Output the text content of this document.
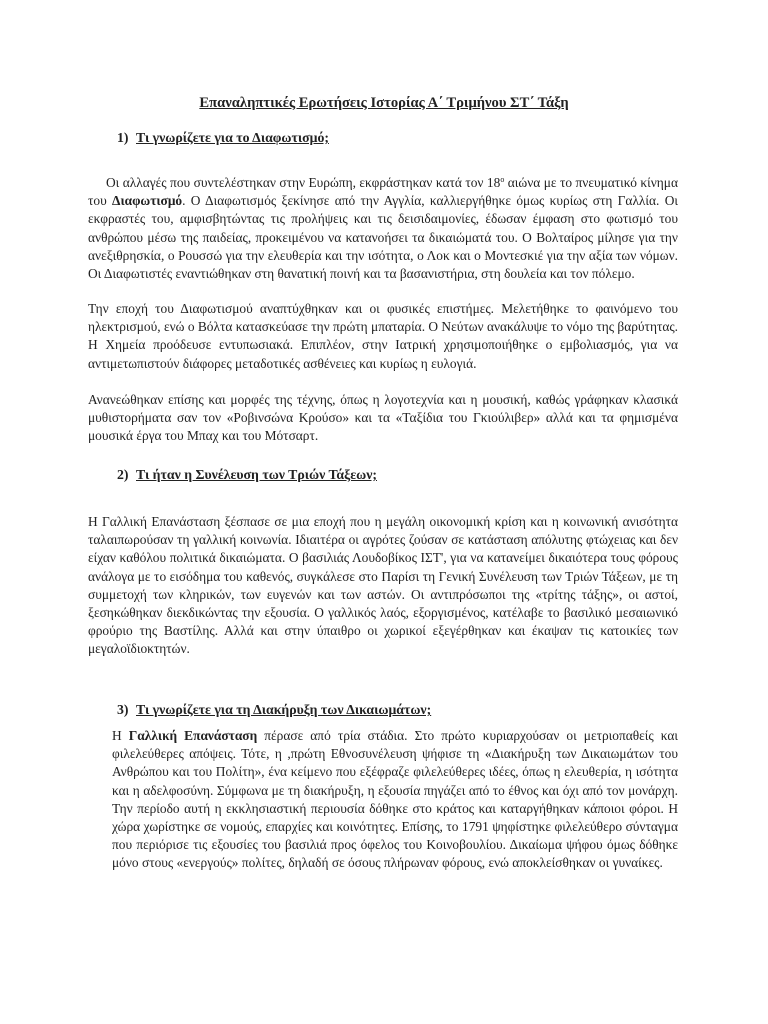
Επαναληπτικές Ερωτήσεις Ιστορίας Α΄ Τριμήνου ΣΤ΄ Τάξη

1) Τι γνωρίζετε για το Διαφωτισμό;

Οι αλλαγές που συντελέστηκαν στην Ευρώπη, εκφράστηκαν κατά τον $18^o$ αιώνα με το πνευματικό κίνημα του Διαφωτισμό. Ο Διαφωτισμός ξεκίνησε από την Αγγλία, καλλιεργήθηκε όμως κυρίως στη Γαλλία. Οι εκφραστές του, αμφισβητώντας τις προλήψεις και τις δεισιδαιμονίες, έδωσαν έμφαση στο φωτισμό του ανθρώπου μέσω της παιδείας, προκειμένου να κατανοήσει τα δικαιώματά του. Ο Βολταίρος μίλησε για την ανεξιθρησκία, ο Ρουσσώ για την ελευθερία και την ισότητα, ο Λοκ και ο Μοντεσκιέ για την αξία των νόμων. Οι Διαφωτιστές εναντιώθηκαν στη θανατική ποινή και τα βασανιστήρια, στη δουλεία και τον πόλεμο.

Την εποχή του Διαφωτισμού αναπτύχθηκαν και οι φυσικές επιστήμες. Μελετήθηκε το φαινόμενο του ηλεκτρισμού, ενώ ο Βόλτα κατασκεύασε την πρώτη μπαταρία. Ο Νεύτων ανακάλυψε το νόμο της βαρύτητας. Η Χημεία προόδευσε εντυπωσιακά. Επιπλέον, στην Ιατρική χρησιμοποιήθηκε ο εμβολιασμός, για να αντιμετωπιστούν διάφορες μεταδοτικές ασθένειες και κυρίως η ευλογιά.

Ανανεώθηκαν επίσης και μορφές της τέχνης, όπως η λογοτεχνία και η μουσική, καθώς γράφηκαν κλασικά μυθιστορήματα σαν τον «Ροβινσώνα Κρούσο» και τα «Ταξίδια του Γκιούλιβερ» αλλά και τα φημισμένα μουσικά έργα του Μπαχ και του Μότσαρτ.

2) Τι ήταν η Συνέλευση των Τριών Τάξεων;

Η Γαλλική Επανάσταση ξέσπασε σε μια εποχή που η μεγάλη οικονομική κρίση και η κοινωνική ανισότητα ταλαιπωρούσαν τη γαλλική κοινωνία. Ιδιαιτέρα οι αγρότες ζούσαν σε κατάσταση απόλυτης φτώχειας και δεν είχαν καθόλου πολιτικά δικαιώματα. Ο βασιλιάς Λουδοβίκος ΙΣΤ', για να κατανείμει δικαιότερα τους φόρους ανάλογα με το εισόδημα του καθενός, συγκάλεσε στο Παρίσι τη Γενική Συνέλευση των Τριών Τάξεων, με τη συμμετοχή των κληρικών, των ευγενών και των αστών. Οι αντιπρόσωποι της «τρίτης τάξης», οι αστοί, ξεσηκώθηκαν διεκδικώντας την εξουσία. Ο γαλλικός λαός, εξοργισμένος, κατέλαβε το βασιλικό μεσαιωνικό φρούριο της Βαστίλης. Αλλά και στην ύπαιθρο οι χωρικοί εξεγέρθηκαν και έκαψαν τις κατοικίες των μεγαλοϊδιοκτητών.

3) Τι γνωρίζετε για τη Διακήρυξη των Δικαιωμάτων;

Η Γαλλική Επανάσταση πέρασε από τρία στάδια. Στο πρώτο κυριαρχούσαν οι μετριοπαθείς και φιλελεύθερες απόψεις. Τότε, η ,πρώτη Εθνοσυνέλευση ψήφισε τη «Διακήρυξη των Δικαιωμάτων του Ανθρώπου και του Πολίτη», ένα κείμενο που εξέφραζε φιλελεύθερες ιδέες, όπως η ελευθερία, η ισότητα και η αδελφοσύνη. Σύμφωνα με τη διακήρυξη, η εξουσία πηγάζει από το έθνος και όχι από τον μονάρχη. Την περίοδο αυτή η εκκλησιαστική περιουσία δόθηκε στο κράτος και καταργήθηκαν κάποιοι φόροι. Η χώρα χωρίστηκε σε νομούς, επαρχίες και κοινότητες. Επίσης, το 1791 ψηφίστηκε φιλελεύθερο σύνταγμα που περιόρισε τις εξουσίες του βασιλιά προς όφελος του Κοινοβουλίου. Δικαίωμα ψήφου όμως δόθηκε μόνο στους «ενεργούς» πολίτες, δηλαδή σε όσους πλήρωναν φόρους, ενώ αποκλείσθηκαν οι γυναίκες.
